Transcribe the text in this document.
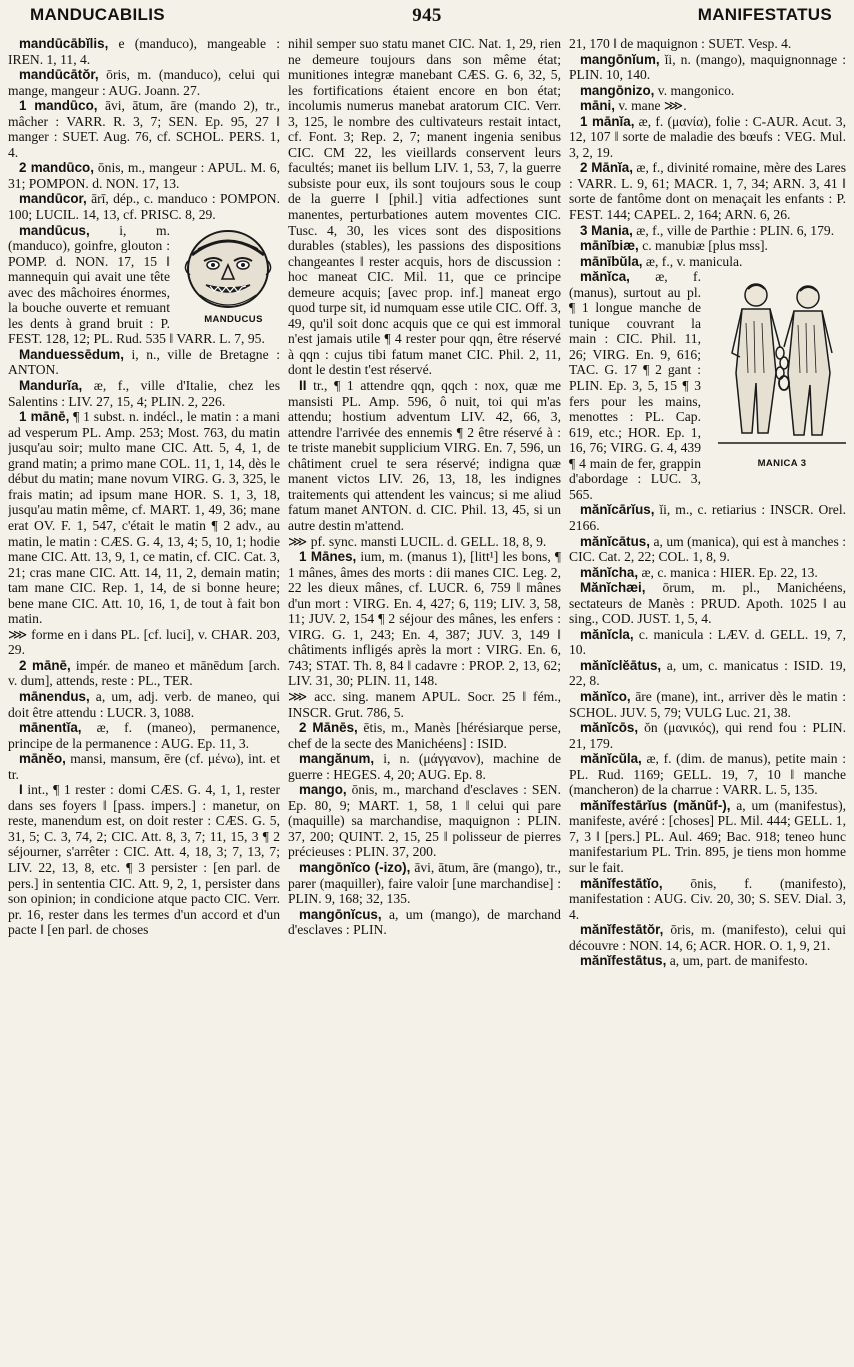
MANDUCABILIS	945	MANIFESTATUS

mandūcābĭlis, e (manduco), mangeable : IREN. 1, 11, 4.

mandūcātŏr, ōris, m. (manduco), celui qui mange, mangeur : AUG. Joann. 27.

1 mandūco, āvi, ātum, āre (mando 2), tr., mâcher : VARR. R. 3, 7; SEN. Ep. 95, 27 ‖ manger : SUET. Aug. 76, cf. SCHOL. PERS. 1, 4.

2 mandūco, ōnis, m., mangeur : APUL. M. 6, 31; POMPON. d. NON. 17, 13.

mandūcor, ārī, dép., c. manduco : POMPON. 100; LUCIL. 14, 13, cf. PRISC. 8, 29.

MANDUCUS
mandūcus, i, m. (manduco), goinfre, glouton : POMP. d. NON. 17, 15 ‖ mannequin qui avait une tête avec des mâchoires énormes, la bouche ouverte et remuant les dents à grand bruit : P. FEST. 128, 12; PL. Rud. 535 ‖ VARR. L. 7, 95.

Manduessēdum, i, n., ville de Bretagne : ANTON.

Mandurĭa, æ, f., ville d'Italie, chez les Salentins : LIV. 27, 15, 4; PLIN. 2, 226.

1 mānē, ¶ 1 subst. n. indécl., le matin : a mani ad vesperum PL. Amp. 253; Most. 763, du matin jusqu'au soir; multo mane CIC. Att. 5, 4, 1, de grand matin; a primo mane COL. 11, 1, 14, dès le début du matin; mane novum VIRG. G. 3, 325, le frais matin; ad ipsum mane HOR. S. 1, 3, 18, jusqu'au matin même, cf. MART. 1, 49, 36; mane erat OV. F. 1, 547, c'était le matin ¶ 2 adv., au matin, le matin : CÆS. G. 4, 13, 4; 5, 10, 1; hodie mane CIC. Att. 13, 9, 1, ce matin, cf. CIC. Cat. 3, 21; cras mane CIC. Att. 14, 11, 2, demain matin; tam mane CIC. Rep. 1, 14, de si bonne heure; bene mane CIC. Att. 10, 16, 1, de tout à fait bon matin.

⋙ forme en i dans PL. [cf. luci], v. CHAR. 203, 29.

2 mānē, impér. de maneo et mānēdum [arch. v. dum], attends, reste : PL., TER.

mānendus, a, um, adj. verb. de maneo, qui doit être attendu : LUCR. 3, 1088.

mānentĭa, æ, f. (maneo), permanence, principe de la permanence : AUG. Ep. 11, 3.

mānĕo, mansi, mansum, ēre (cf. μένω), int. et tr.

I int., ¶ 1 rester : domi CÆS. G. 4, 1, 1, rester dans ses foyers ‖ [pass. impers.] : manetur, on reste, manendum est, on doit rester : CÆS. G. 5, 31, 5; C. 3, 74, 2; CIC. Att. 8, 3, 7; 11, 15, 3 ¶ 2 séjourner, s'arrêter : CIC. Att. 4, 18, 3; 7, 13, 7; LIV. 22, 13, 8, etc. ¶ 3 persister : [en parl. de pers.] in sententia CIC. Att. 9, 2, 1, persister dans son opinion; in condicione atque pacto CIC. Verr. pr. 16, rester dans les termes d'un accord et d'un pacte ‖ [en parl. de choses

nihil semper suo statu manet CIC. Nat. 1, 29, rien ne demeure toujours dans son même état; munitiones integræ manebant CÆS. G. 6, 32, 5, les fortifications étaient encore en bon état; incolumis numerus manebat aratorum CIC. Verr. 3, 125, le nombre des cultivateurs restait intact, cf. Font. 3; Rep. 2, 7; manent ingenia senibus CIC. CM 22, les vieillards conservent leurs facultés; manet iis bellum LIV. 1, 53, 7, la guerre subsiste pour eux, ils sont toujours sous le coup de la guerre ‖ [phil.] vitia adfectiones sunt manentes, perturbationes autem moventes CIC. Tusc. 4, 30, les vices sont des dispositions durables (stables), les passions des dispositions changeantes ‖ rester acquis, hors de discussion : hoc maneat CIC. Mil. 11, que ce principe demeure acquis; [avec prop. inf.] maneat ergo quod turpe sit, id numquam esse utile CIC. Off. 3, 49, qu'il soit donc acquis que ce qui est immoral n'est jamais utile ¶ 4 rester pour qqn, être réservé à qqn : cujus tibi fatum manet CIC. Phil. 2, 11, dont le destin t'est réservé.

II tr., ¶ 1 attendre qqn, qqch : nox, quæ me mansisti PL. Amp. 596, ô nuit, toi qui m'as attendu; hostium adventum LIV. 42, 66, 3, attendre l'arrivée des ennemis ¶ 2 être réservé à : te triste manebit supplicium VIRG. En. 7, 596, un châtiment cruel te sera réservé; indigna quæ manent victos LIV. 26, 13, 18, les indignes traitements qui attendent les vaincus; si me aliud fatum manet ANTON. d. CIC. Phil. 13, 45, si un autre destin m'attend.

⋙ pf. sync. mansti LUCIL. d. GELL. 18, 8, 9.

1 Mānes, ium, m. (manus 1), [litt¹] les bons, ¶ 1 mânes, âmes des morts : dii manes CIC. Leg. 2, 22 les dieux mânes, cf. LUCR. 6, 759 ‖ mânes d'un mort : VIRG. En. 4, 427; 6, 119; LIV. 3, 58, 11; JUV. 2, 154 ¶ 2 séjour des mânes, les enfers : VIRG. G. 1, 243; En. 4, 387; JUV. 3, 149 ‖ châtiments infligés après la mort : VIRG. En. 6, 743; STAT. Th. 8, 84 ‖ cadavre : PROP. 2, 13, 62; LIV. 31, 30; PLIN. 11, 148.

⋙ acc. sing. manem APUL. Socr. 25 ‖ fém., INSCR. Grut. 786, 5.

2 Mānēs, ētis, m., Manès [hérésiarque perse, chef de la secte des Manichéens] : ISID.

mangănum, i, n. (μάγγανον), machine de guerre : HEGES. 4, 20; AUG. Ep. 8.

mango, ōnis, m., marchand d'esclaves : SEN. Ep. 80, 9; MART. 1, 58, 1 ‖ celui qui pare (maquille) sa marchandise, maquignon : PLIN. 37, 200; QUINT. 2, 15, 25 ‖ polisseur de pierres précieuses : PLIN. 37, 200.

mangōnĭco (-izo), āvi, ātum, āre (mango), tr., parer (maquiller), faire valoir [une marchandise] : PLIN. 9, 168; 32, 135.

mangōnĭcus, a, um (mango), de marchand d'esclaves : PLIN.

21, 170 ‖ de maquignon : SUET. Vesp. 4.

mangōnĭum, ĭi, n. (mango), maquignonnage : PLIN. 10, 140.

mangōnizo, v. mangonico.

māni, v. mane ⋙.

1 mānĭa, æ, f. (μανία), folie : C-AUR. Acut. 3, 12, 107 ‖ sorte de maladie des bœufs : VEG. Mul. 3, 2, 19.

2 Mānĭa, æ, f., divinité romaine, mère des Lares : VARR. L. 9, 61; MACR. 1, 7, 34; ARN. 3, 41 ‖ sorte de fantôme dont on menaçait les enfants : P. FEST. 144; CAPEL. 2, 164; ARN. 6, 26.

3 Mania, æ, f., ville de Parthie : PLIN. 6, 179.

mānĭbiæ, c. manubiæ [plus mss].

mānībŭla, æ, f., v. manicula.

MANICA 3
mănĭca, æ, f. (manus), surtout au pl. ¶ 1 longue manche de tunique couvrant la main : CIC. Phil. 11, 26; VIRG. En. 9, 616; TAC. G. 17 ¶ 2 gant : PLIN. Ep. 3, 5, 15 ¶ 3 fers pour les mains, menottes : PL. Cap. 619, etc.; HOR. Ep. 1, 16, 76; VIRG. G. 4, 439 ¶ 4 main de fer, grappin d'abordage : LUC. 3, 565.

mănĭcārĭus, ĭi, m., c. retiarius : INSCR. Orel. 2166.

mănĭcātus, a, um (manica), qui est à manches : CIC. Cat. 2, 22; COL. 1, 8, 9.

mănĭcha, æ, c. manica : HIER. Ep. 22, 13.

Mănĭchæi, ōrum, m. pl., Manichéens, sectateurs de Manès : PRUD. Apoth. 1025 ‖ au sing., COD. JUST. 1, 5, 4.

mănĭcla, c. manicula : LÆV. d. GELL. 19, 7, 10.

mănĭclĕātus, a, um, c. manicatus : ISID. 19, 22, 8.

mănĭco, āre (mane), int., arriver dès le matin : SCHOL. JUV. 5, 79; VULG Luc. 21, 38.

mănĭcōs, ŏn (μανικός), qui rend fou : PLIN. 21, 179.

mănĭcŭla, æ, f. (dim. de manus), petite main : PL. Rud. 1169; GELL. 19, 7, 10 ‖ manche (mancheron) de la charrue : VARR. L. 5, 135.

mănĭfestārĭus (mănŭf-), a, um (manifestus), manifeste, avéré : [choses] PL. Mil. 444; GELL. 1, 7, 3 ‖ [pers.] PL. Aul. 469; Bac. 918; teneo hunc manifestarium PL. Trin. 895, je tiens mon homme sur le fait.

mănĭfestātĭo, ōnis, f. (manifesto), manifestation : AUG. Civ. 20, 30; S. SEV. Dial. 3, 4.

mănĭfestātŏr, ōris, m. (manifesto), celui qui découvre : NON. 14, 6; ACR. HOR. O. 1, 9, 21.

mănĭfestātus, a, um, part. de manifesto.
